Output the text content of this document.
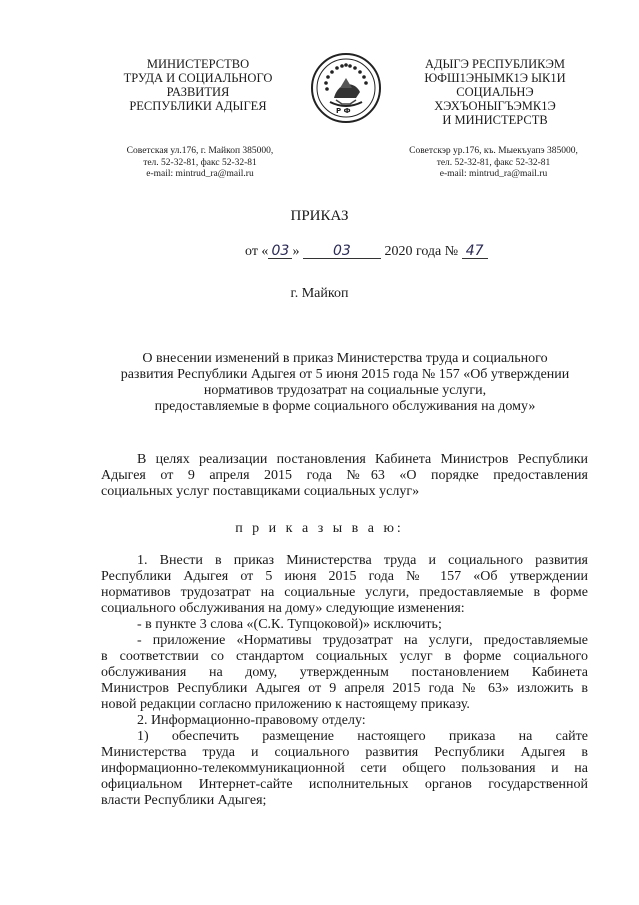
МИНИСТЕРСТВО
ТРУДА И СОЦИАЛЬНОГО
РАЗВИТИЯ
РЕСПУБЛИКИ АДЫГЕЯ	Р Ф
АДЫГЭ РЕСПУБЛИКЭМ
ЮФШ1ЭНЫМК1Э ЫК1И
СОЦИАЛЬНЭ
ХЭХЪОНЫГЪЭМК1Э
И МИНИСТЕРСТВ
Советская ул.176, г. Майкоп 385000,
тел. 52-32-81, факс 52-32-81
e-mail: mintrud_ra@mail.ru
Советскэр ур.176, къ. Мыекъуапэ 385000,
тел. 52-32-81, факс 52-32-81
e-mail: mintrud_ra@mail.ru
ПРИКАЗ
от « 03 » 03 2020 года № 47
г. Майкоп
О внесении изменений в приказ Министерства труда и социального
развития Республики Адыгея от 5 июня 2015 года № 157 «Об утверждении
нормативов трудозатрат на социальные услуги,
предоставляемые в форме социального обслуживания на дому»
В целях реализации постановления Кабинета Министров Республики
Адыгея от 9 апреля 2015 года №63 «О порядке предоставления
социальных услуг поставщиками социальных услуг»
п р и к а з ы в а ю:
1. Внести в приказ Министерства труда и социального развития
Республики Адыгея от 5 июня 2015 года № 157 «Об утверждении
нормативов трудозатрат на социальные услуги, предоставляемые в форме
социального обслуживания на дому» следующие изменения:
- в пункте 3 слова «(С.К. Тупцоковой)» исключить;
- приложение «Нормативы трудозатрат на услуги, предоставляемые
в соответствии со стандартом социальных услуг в форме социального
обслуживания на дому, утвержденным постановлением Кабинета
Министров Республики Адыгея от 9 апреля 2015 года № 63» изложить в
новой редакции согласно приложению к настоящему приказу.
2. Информационно-правовому отделу:
1) обеспечить размещение настоящего приказа на сайте
Министерства труда и социального развития Республики Адыгея в
информационно-телекоммуникационной сети общего пользования и на
официальном Интернет-сайте исполнительных органов государственной
власти Республики Адыгея;
